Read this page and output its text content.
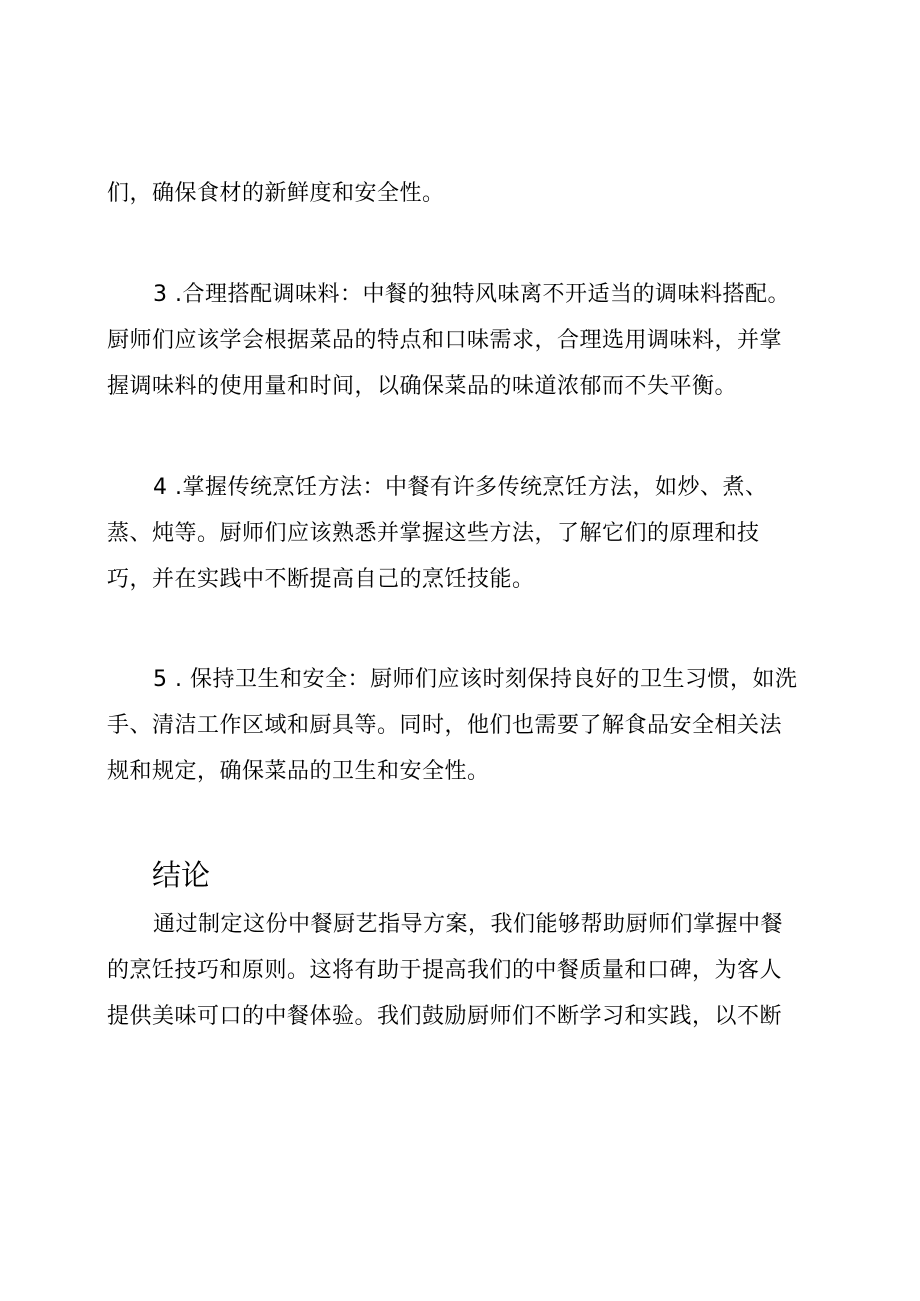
们，确保食材的新鲜度和安全性。
3 .合理搭配调味料：中餐的独特风味离不开适当的调味料搭配。
厨师们应该学会根据菜品的特点和口味需求，合理选用调味料，并掌
握调味料的使用量和时间，以确保菜品的味道浓郁而不失平衡。
4 .掌握传统烹饪方法：中餐有许多传统烹饪方法，如炒、煮、
蒸、炖等。厨师们应该熟悉并掌握这些方法，了解它们的原理和技
巧，并在实践中不断提高自己的烹饪技能。
5 . 保持卫生和安全：厨师们应该时刻保持良好的卫生习惯，如洗
手、清洁工作区域和厨具等。同时，他们也需要了解食品安全相关法
规和规定，确保菜品的卫生和安全性。
结论
通过制定这份中餐厨艺指导方案，我们能够帮助厨师们掌握中餐
的烹饪技巧和原则。这将有助于提高我们的中餐质量和口碑，为客人
提供美味可口的中餐体验。我们鼓励厨师们不断学习和实践，以不断
